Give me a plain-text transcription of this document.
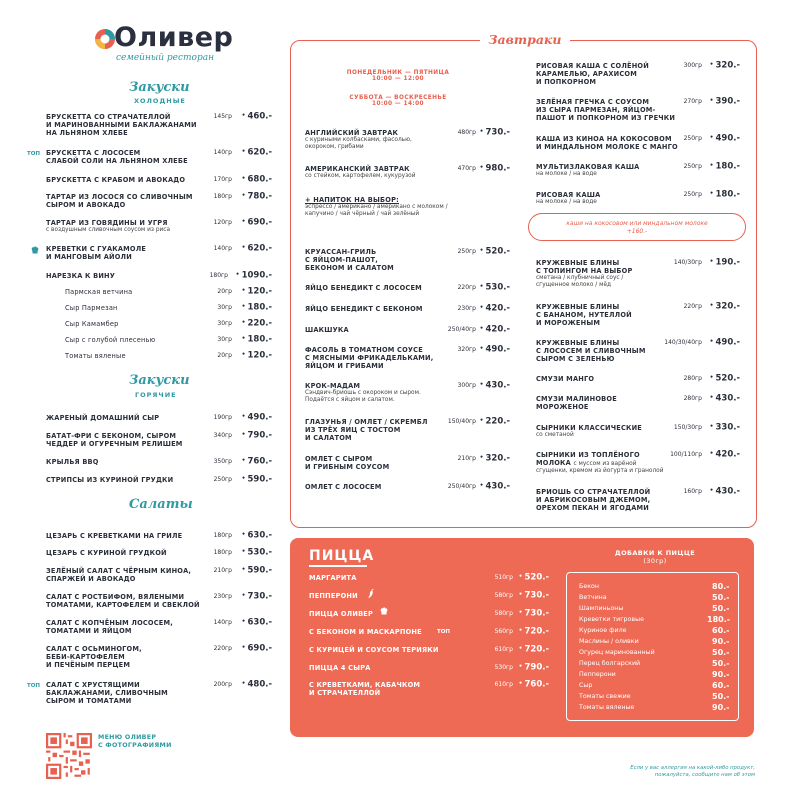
Оливер
семейный ресторан
Закуски
ХОЛОДНЫЕ
БРУСКЕТТА СО СТРАЧАТЕЛЛОЙ
И МАРИНОВАННЫМИ БАКЛАЖАНАМИ
НА ЛЬНЯНОМ ХЛЕБЕ
145гр	• 460.-
ТОП БРУСКЕТТА С ЛОСОСЕМ
СЛАБОЙ СОЛИ НА ЛЬНЯНОМ ХЛЕБЕ
140гр	• 620.-
БРУСКЕТТА С КРАБОМ И АВОКАДО	170гр	• 680.-
ТАРТАР ИЗ ЛОСОСЯ СО СЛИВОЧНЫМ
СЫРОМ И АВОКАДО
180гр	• 780.-
ТАРТАР ИЗ ГОВЯДИНЫ И УГРЯ
с воздушным сливочным соусом из риса
120гр	• 690.-
КРЕВЕТКИ С ГУАКАМОЛЕ
И МАНГОВЫМ АЙОЛИ
140гр	• 620.-
НАРЕЗКА К ВИНУ	180гр	• 1090.-
Пармская ветчина	20гр	• 120.-
Сыр Пармезан	30гр	• 180.-
Сыр Камамбер	30гр	• 220.-
Сыр с голубой плесенью	30гр	• 180.-
Томаты вяленые	20гр	• 120.-
Закуски
ГОРЯЧИЕ
ЖАРЕНЫЙ ДОМАШНИЙ СЫР	190гр	• 490.-
БАТАТ-ФРИ С БЕКОНОМ, СЫРОМ
ЧЕДДЕР И ОГУРЕЧНЫМ РЕЛИШЕМ
340гр	• 790.-
КРЫЛЬЯ BBQ	350гр	• 760.-
СТРИПСЫ ИЗ КУРИНОЙ ГРУДКИ	250гр	• 590.-
Салаты
ЦЕЗАРЬ С КРЕВЕТКАМИ НА ГРИЛЕ	180гр	• 630.-
ЦЕЗАРЬ С КУРИНОЙ ГРУДКОЙ	180гр	• 530.-
ЗЕЛЁНЫЙ САЛАТ С ЧЁРНЫМ КИНОА,
СПАРЖЕЙ И АВОКАДО
210гр	• 590.-
САЛАТ С РОСТБИФОМ, ВЯЛЕНЫМИ
ТОМАТАМИ, КАРТОФЕЛЕМ И СВЕКЛОЙ
230гр	• 730.-
САЛАТ С КОПЧЁНЫМ ЛОСОСЕМ,
ТОМАТАМИ И ЯЙЦОМ
140гр	• 630.-
САЛАТ С ОСЬМИНОГОМ,
БЕБИ-КАРТОФЕЛЕМ
И ПЕЧЁНЫМ ПЕРЦЕМ
220гр	• 690.-
ТОП САЛАТ С ХРУСТЯЩИМИ
БАКЛАЖАНАМИ, СЛИВОЧНЫМ
СЫРОМ И ТОМАТАМИ
200гр	• 480.-
МЕНЮ ОЛИВЕР
С ФОТОГРАФИЯМИ
Завтраки
ПОНЕДЕЛЬНИК — ПЯТНИЦА
10:00 — 12:00
СУББОТА — ВОСКРЕСЕНЬЕ
10:00 — 14:00
АНГЛИЙСКИЙ ЗАВТРАК
с куриными колбасками, фасолью,
окороком, грибами
480гр	• 730.-
АМЕРИКАНСКИЙ ЗАВТРАК
со стейком, картофелем, кукурузой
470гр	• 980.-
+ НАПИТОК НА ВЫБОР:
эспрессо / американо / американо с молоком /
капучино / чай чёрный / чай зелёный
КРУАССАН-ГРИЛЬ
С ЯЙЦОМ-ПАШОТ,
БЕКОНОМ И САЛАТОМ
250гр	• 520.-
ЯЙЦО БЕНЕДИКТ С ЛОСОСЕМ	220гр	• 530.-
ЯЙЦО БЕНЕДИКТ С БЕКОНОМ	230гр	• 420.-
ШАКШУКА	250/40гр	• 420.-
ФАСОЛЬ В ТОМАТНОМ СОУСЕ
С МЯСНЫМИ ФРИКАДЕЛЬКАМИ,
ЯЙЦОМ И ГРИБАМИ
320гр	• 490.-
КРОК-МАДАМ
Сэндвич-бриошь с окороком и сыром.
Подаётся с яйцом и салатом.
300гр	• 430.-
ГЛАЗУНЬЯ / ОМЛЕТ / СКРЕМБЛ
ИЗ ТРЁХ ЯИЦ С ТОСТОМ
И САЛАТОМ
150/40гр	• 220.-
ОМЛЕТ С СЫРОМ
И ГРИБНЫМ СОУСОМ
210гр	• 320.-
ОМЛЕТ С ЛОСОСЕМ	250/40гр	• 430.-
РИСОВАЯ КАША С СОЛЁНОЙ
КАРАМЕЛЬЮ, АРАХИСОМ
И ПОПКОРНОМ
300гр	• 320.-
ЗЕЛЁНАЯ ГРЕЧКА С СОУСОМ
ИЗ СЫРА ПАРМЕЗАН, ЯЙЦОМ-
ПАШОТ И ПОПКОРНОМ ИЗ ГРЕЧКИ
270гр	• 390.-
КАША ИЗ КИНОА НА КОКОСОВОМ
И МИНДАЛЬНОМ МОЛОКЕ С МАНГО
250гр	• 490.-
МУЛЬТИЗЛАКОВАЯ КАША
на молоке / на воде
250гр	• 180.-
РИСОВАЯ КАША
на молоке / на воде
250гр	• 180.-
каши на кокосовом или миндальном молоке
+160.-
КРУЖЕВНЫЕ БЛИНЫ
С ТОПИНГОМ НА ВЫБОР
сметана / клубничный соус /
сгущенное молоко / мёд
140/30гр	• 190.-
КРУЖЕВНЫЕ БЛИНЫ
С БАНАНОМ, НУТЕЛЛОЙ
И МОРОЖЕНЫМ
220гр	• 320.-
КРУЖЕВНЫЕ БЛИНЫ
С ЛОСОСЕМ И СЛИВОЧНЫМ
СЫРОМ С ЗЕЛЕНЬЮ
140/30/40гр	• 490.-
СМУЗИ МАНГО	280гр	• 520.-
СМУЗИ МАЛИНОВОЕ
МОРОЖЕНОЕ
280гр	• 430.-
СЫРНИКИ КЛАССИЧЕСКИЕ
со сметаной
150/30гр	• 330.-
СЫРНИКИ ИЗ ТОПЛЁНОГО
МОЛОКА с муссом из варёной
сгущенки, кремом из йогурта и гранолой
100/110гр	• 420.-
БРИОШЬ СО СТРАЧАТЕЛЛОЙ
И АБРИКОСОВЫМ ДЖЕМОМ,
ОРЕХОМ ПЕКАН И ЯГОДАМИ
160гр	• 430.-
ПИЦЦА
МАРГАРИТА	510гр	• 520.-
ПЕППЕРОНИ	580гр	• 730.-
ПИЦЦА ОЛИВЕР	580гр	• 730.-
С БЕКОНОМ И МАСКАРПОНЕ	560гр	• 720.-
ТОП
С КУРИЦЕЙ И СОУСОМ ТЕРИЯКИ	610гр	• 720.-
ПИЦЦА 4 СЫРА	530гр	• 790.-
С КРЕВЕТКАМИ, КАБАЧКОМ
И СТРАЧАТЕЛЛОЙ
610гр	• 760.-
ДОБАВКИ К ПИЦЦЕ
(30гр)
Бекон	80.-
Ветчина	50.-
Шампиньоны	50.-
Креветки тигровые	180.-
Куриное филе	60.-
Маслины / оливки	90.-
Огурец маринованный	50.-
Перец болгарский	50.-
Пепперони	90.-
Сыр	60.-
Томаты свежие	50.-
Томаты вяленые	90.-
Если у вас аллергия на какой-либо продукт,
пожалуйста, сообщите нам об этом
